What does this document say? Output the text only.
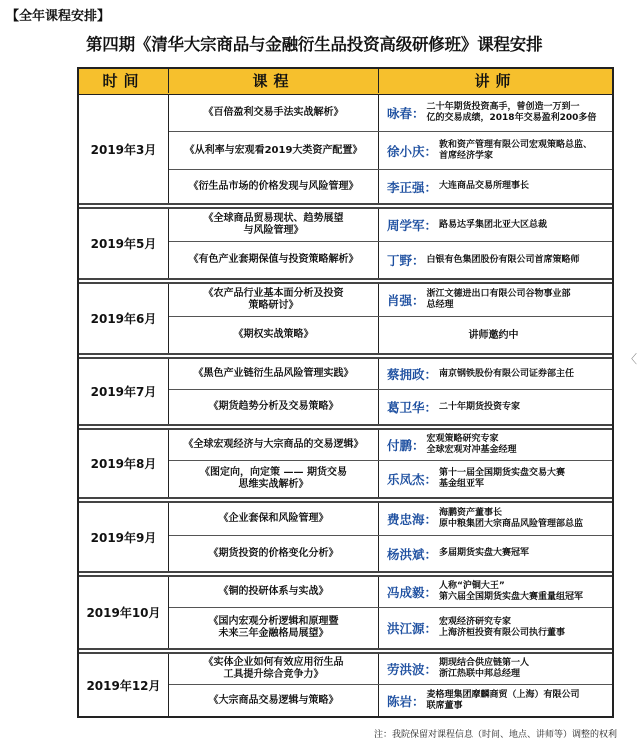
【全年课程安排】
第四期《清华大宗商品与金融衍生品投资高级研修班》课程安排
〈
时间	课程	讲师
2019年3月
《百倍盈利交易手法实战解析》	咏春： 二十年期货投资高手，曾创造一万到一
亿的交易成绩，2018年交易盈利200多倍
《从利率与宏观看2019大类资产配置》 徐小庆： 敦和资产管理有限公司宏观策略总监、
首席经济学家
《衍生品市场的价格发现与风险管理》 李正强： 大连商品交易所理事长
2019年5月
《全球商品贸易现状、趋势展望
与风险管理》	周学军： 路易达孚集团北亚大区总裁
《有色产业套期保值与投资策略解析》 丁野： 白银有色集团股份有限公司首席策略师
2019年6月
《农产品行业基本面分析及投资
策略研讨》	肖强： 浙江文德进出口有限公司谷物事业部
总经理
《期权实战策略》	讲师邀约中
2019年7月
《黑色产业链衍生品风险管理实践》	蔡拥政： 南京钢铁股份有限公司证券部主任
《期货趋势分析及交易策略》	葛卫华： 二十年期货投资专家
2019年8月
《全球宏观经济与大宗商品的交易逻辑》 付鹏： 宏观策略研究专家
全球宏观对冲基金经理
《图定向，向定策 —— 期货交易
思维实战解析》	乐凤杰： 第十一届全国期货实盘交易大赛
基金组亚军
2019年9月
《企业套保和风险管理》	费忠海： 海鹏资产董事长
原中粮集团大宗商品风险管理部总监
《期货投资的价格变化分析》	杨洪斌： 多届期货实盘大赛冠军
2019年10月
《铜的投研体系与实战》	冯成毅： 人称“沪铜大王”
第六届全国期货实盘大赛重量组冠军
《国内宏观分析逻辑和原理暨
未来三年金融格局展望》	洪江源： 宏观经济研究专家
上海济桓投资有限公司执行董事
2019年12月
《实体企业如何有效应用衍生品
工具提升综合竞争力》	劳洪波： 期现结合供应链第一人
浙江热联中邦总经理
《大宗商品交易逻辑与策略》	陈岩： 麦格理集团摩麟商贸（上海）有限公司
联席董事
注：我院保留对课程信息（时间、地点、讲师等）调整的权利
